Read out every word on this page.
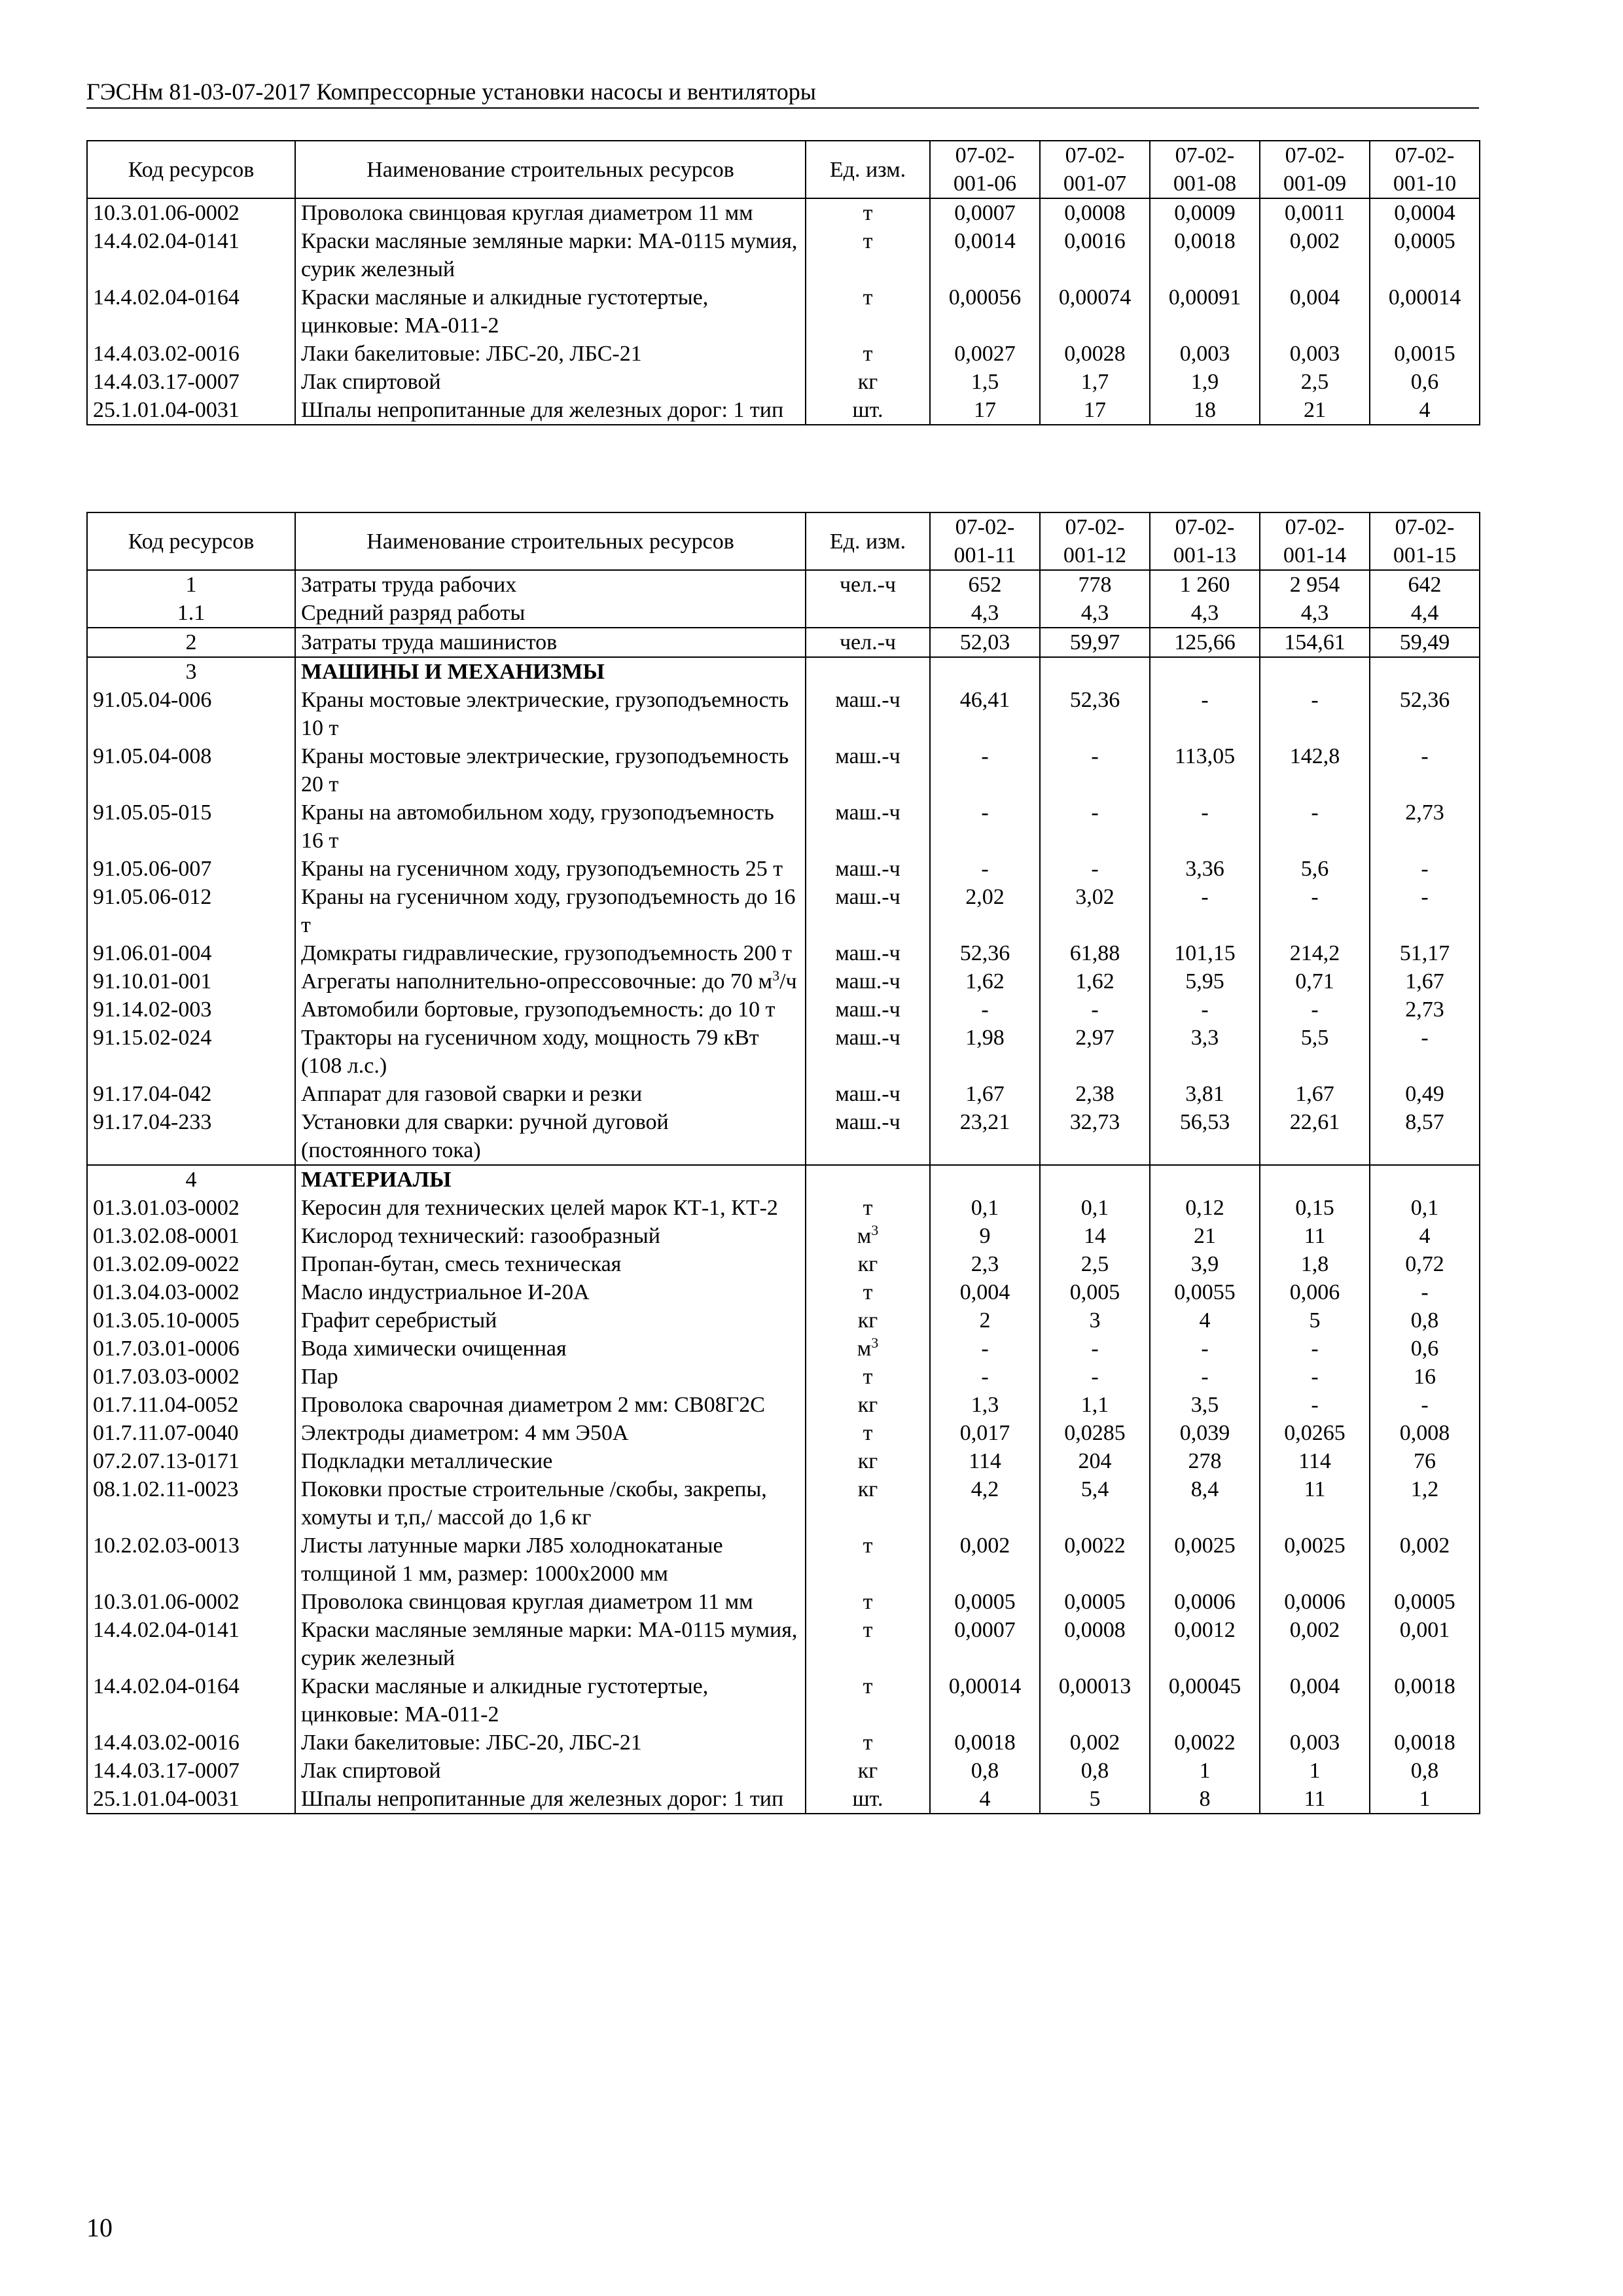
ГЭСНм 81-03-07-2017 Компрессорные установки насосы и вентиляторы
Код ресурсов	Наименование строительных ресурсов	Ед. изм.	07-02-001-06	07-02-001-07	07-02-001-08	07-02-001-09	07-02-001-10
10.3.01.06-0002	Проволока свинцовая круглая диаметром 11 мм	т	0,0007	0,0008	0,0009	0,0011	0,0004
14.4.02.04-0141	Краски масляные земляные марки: МА-0115 мумия, сурик железный	т	0,0014	0,0016	0,0018	0,002	0,0005
14.4.02.04-0164	Краски масляные и алкидные густотертые, цинковые: МА-011-2	т	0,00056	0,00074	0,00091	0,004	0,00014
14.4.03.02-0016	Лаки бакелитовые: ЛБС-20, ЛБС-21	т	0,0027	0,0028	0,003	0,003	0,0015
14.4.03.17-0007	Лак спиртовой	кг	1,5	1,7	1,9	2,5	0,6
25.1.01.04-0031	Шпалы непропитанные для железных дорог: 1 тип	шт.	17	17	18	21	4
Код ресурсов	Наименование строительных ресурсов	Ед. изм.	07-02-001-11	07-02-001-12	07-02-001-13	07-02-001-14	07-02-001-15
1	Затраты труда рабочих	чел.-ч	652	778	1 260	2 954	642
1.1	Средний разряд работы		4,3	4,3	4,3	4,3	4,4
2	Затраты труда машинистов	чел.-ч	52,03	59,97	125,66	154,61	59,49
3	МАШИНЫ И МЕХАНИЗМЫ						
91.05.04-006	Краны мостовые электрические, грузоподъемность 10 т	маш.-ч	46,41	52,36	-	-	52,36
91.05.04-008	Краны мостовые электрические, грузоподъемность 20 т	маш.-ч	-	-	113,05	142,8	-
91.05.05-015	Краны на автомобильном ходу, грузоподъемность 16 т	маш.-ч	-	-	-	-	2,73
91.05.06-007	Краны на гусеничном ходу, грузоподъемность 25 т	маш.-ч	-	-	3,36	5,6	-
91.05.06-012	Краны на гусеничном ходу, грузоподъемность до 16 т	маш.-ч	2,02	3,02	-	-	-
91.06.01-004	Домкраты гидравлические, грузоподъемность 200 т	маш.-ч	52,36	61,88	101,15	214,2	51,17
91.10.01-001	Агрегаты наполнительно-опрессовочные: до 70 $м^3/ч$	маш.-ч	1,62	1,62	5,95	0,71	1,67
91.14.02-003	Автомобили бортовые, грузоподъемность: до 10 т	маш.-ч	-	-	-	-	2,73
91.15.02-024	Тракторы на гусеничном ходу, мощность 79 кВт (108 л.с.)	маш.-ч	1,98	2,97	3,3	5,5	-
91.17.04-042	Аппарат для газовой сварки и резки	маш.-ч	1,67	2,38	3,81	1,67	0,49
91.17.04-233	Установки для сварки: ручной дуговой (постоянного тока)	маш.-ч	23,21	32,73	56,53	22,61	8,57
4	МАТЕРИАЛЫ						
01.3.01.03-0002	Керосин для технических целей марок КТ-1, КТ-2	т	0,1	0,1	0,12	0,15	0,1
01.3.02.08-0001	Кислород технический: газообразный	$м^3$	9	14	21	11	4
01.3.02.09-0022	Пропан-бутан, смесь техническая	кг	2,3	2,5	3,9	1,8	0,72
01.3.04.03-0002	Масло индустриальное И-20А	т	0,004	0,005	0,0055	0,006	-
01.3.05.10-0005	Графит серебристый	кг	2	3	4	5	0,8
01.7.03.01-0006	Вода химически очищенная	$м^3$	-	-	-	-	0,6
01.7.03.03-0002	Пар	т	-	-	-	-	16
01.7.11.04-0052	Проволока сварочная диаметром 2 мм: СВ08Г2С	кг	1,3	1,1	3,5	-	-
01.7.11.07-0040	Электроды диаметром: 4 мм Э50А	т	0,017	0,0285	0,039	0,0265	0,008
07.2.07.13-0171	Подкладки металлические	кг	114	204	278	114	76
08.1.02.11-0023	Поковки простые строительные /скобы, закрепы, хомуты и т,п,/ массой до 1,6 кг	кг	4,2	5,4	8,4	11	1,2
10.2.02.03-0013	Листы латунные марки Л85 холоднокатаные толщиной 1 мм, размер: 1000х2000 мм	т	0,002	0,0022	0,0025	0,0025	0,002
10.3.01.06-0002	Проволока свинцовая круглая диаметром 11 мм	т	0,0005	0,0005	0,0006	0,0006	0,0005
14.4.02.04-0141	Краски масляные земляные марки: МА-0115 мумия, сурик железный	т	0,0007	0,0008	0,0012	0,002	0,001
14.4.02.04-0164	Краски масляные и алкидные густотертые, цинковые: МА-011-2	т	0,00014	0,00013	0,00045	0,004	0,0018
14.4.03.02-0016	Лаки бакелитовые: ЛБС-20, ЛБС-21	т	0,0018	0,002	0,0022	0,003	0,0018
14.4.03.17-0007	Лак спиртовой	кг	0,8	0,8	1	1	0,8
25.1.01.04-0031	Шпалы непропитанные для железных дорог: 1 тип	шт.	4	5	8	11	1
10
